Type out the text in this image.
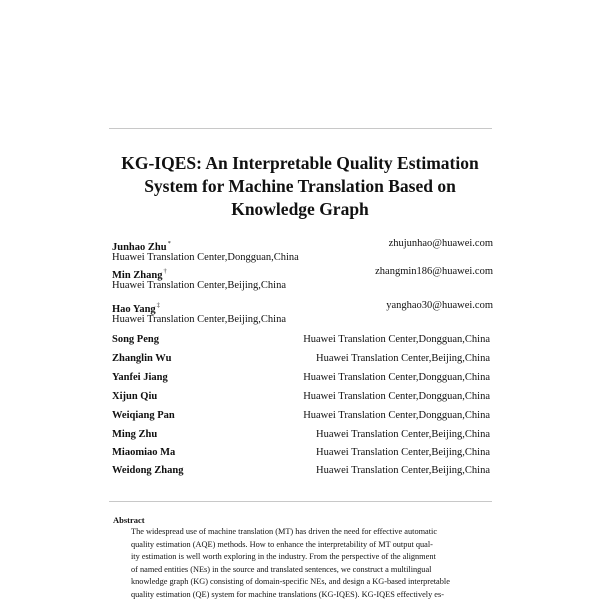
KG-IQES: An Interpretable Quality Estimation
System for Machine Translation Based on
Knowledge Graph
Junhao Zhu*	zhujunhao@huawei.com
Huawei Translation Center,Dongguan,China
Min Zhang†	zhangmin186@huawei.com
Huawei Translation Center,Beijing,China
Hao Yang‡	yanghao30@huawei.com
Huawei Translation Center,Beijing,China
Song Peng	Huawei Translation Center,Dongguan,China
Zhanglin Wu	Huawei Translation Center,Beijing,China
Yanfei Jiang	Huawei Translation Center,Dongguan,China
Xijun Qiu	Huawei Translation Center,Dongguan,China
Weiqiang Pan	Huawei Translation Center,Dongguan,China
Ming Zhu	Huawei Translation Center,Beijing,China
Miaomiao Ma	Huawei Translation Center,Beijing,China
Weidong Zhang	Huawei Translation Center,Beijing,China
Abstract
The widespread use of machine translation (MT) has driven the need for effective automatic
quality estimation (AQE) methods. How to enhance the interpretability of MT output qual-
ity estimation is well worth exploring in the industry. From the perspective of the alignment
of named entities (NEs) in the source and translated sentences, we construct a multilingual
knowledge graph (KG) consisting of domain-specific NEs, and design a KG-based interpretable
quality estimation (QE) system for machine translations (KG-IQES). KG-IQES effectively es-
